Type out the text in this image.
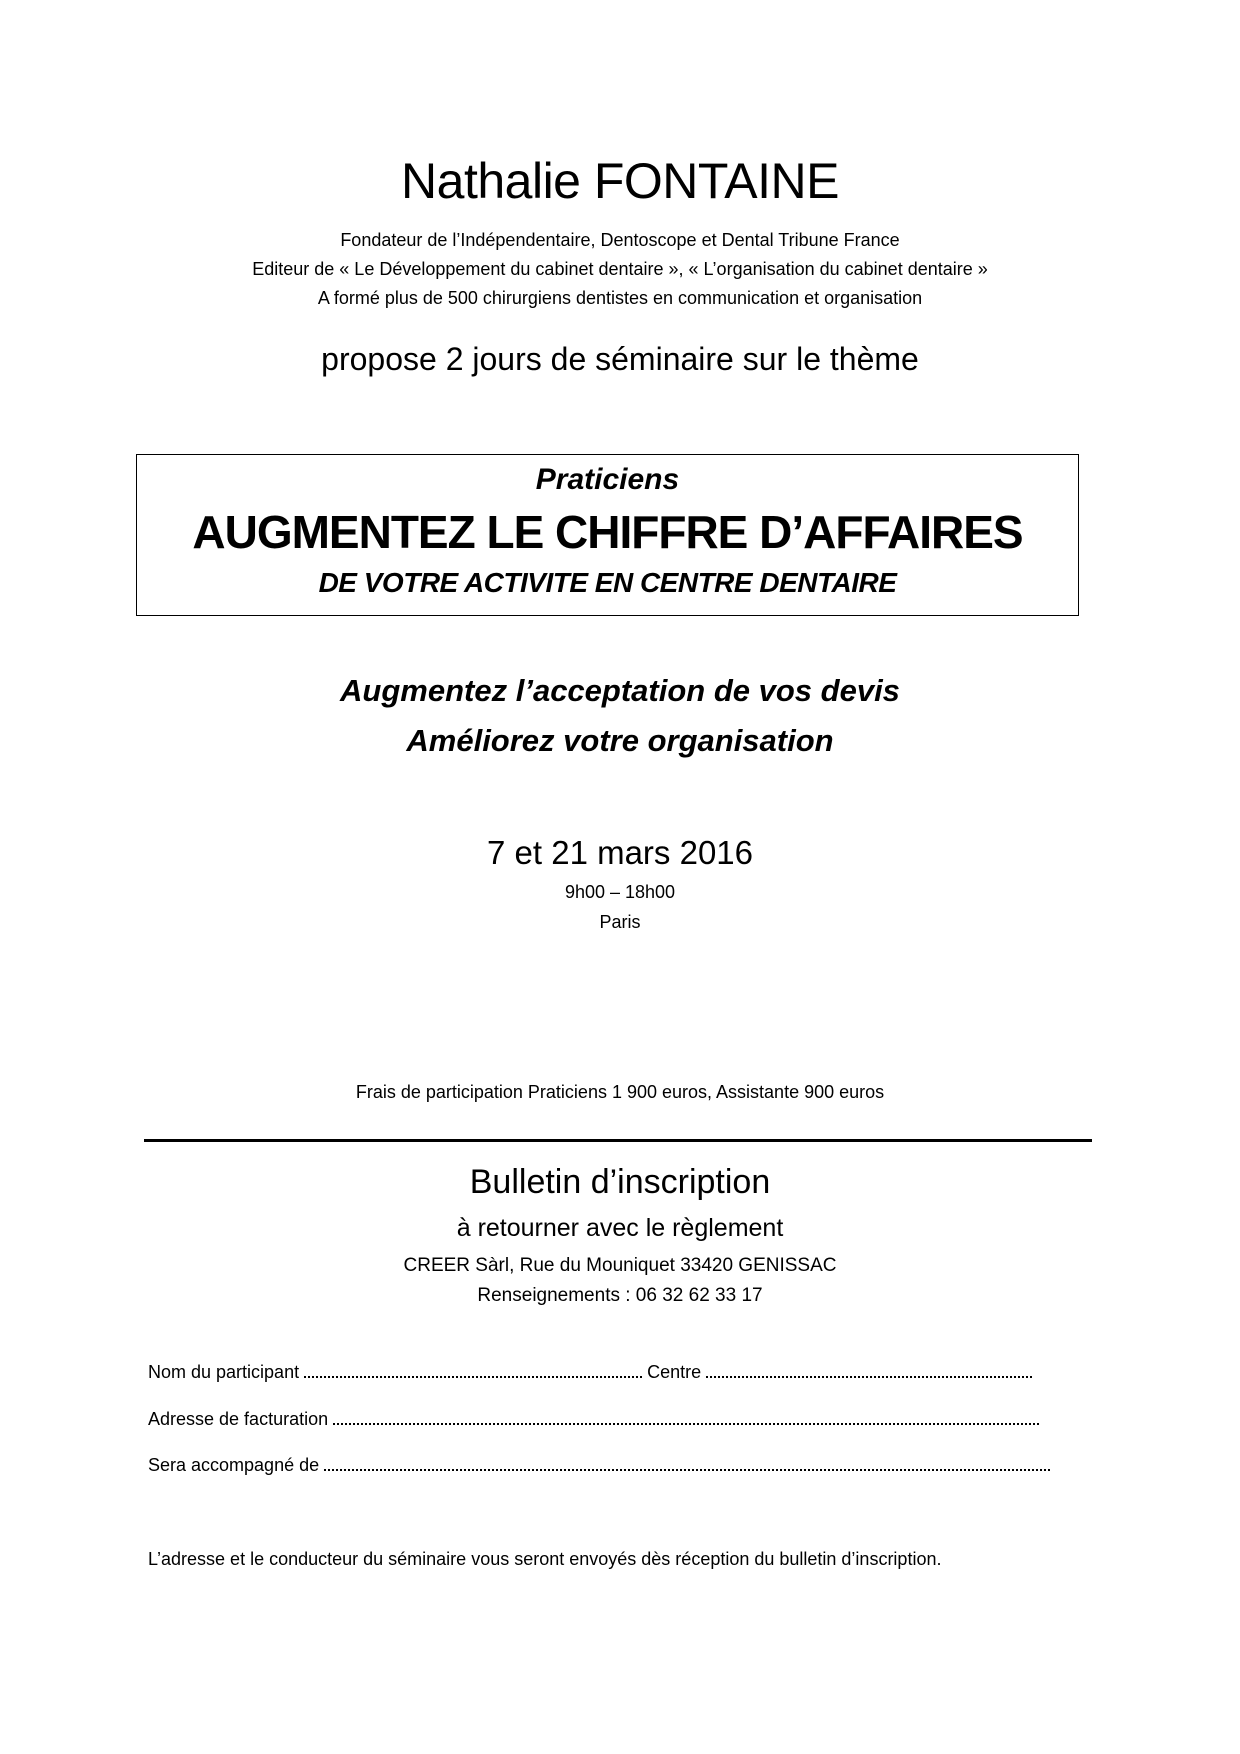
Nathalie FONTAINE
Fondateur de l’Indépendentaire, Dentoscope et Dental Tribune France
Editeur de « Le Développement du cabinet dentaire », « L’organisation du cabinet dentaire »
A formé plus de 500 chirurgiens dentistes en communication et organisation
propose 2 jours de séminaire sur le thème
Praticiens
AUGMENTEZ LE CHIFFRE D’AFFAIRES
DE VOTRE ACTIVITE EN CENTRE DENTAIRE
Augmentez l’acceptation de vos devis
Améliorez votre organisation
7 et 21 mars 2016
9h00 – 18h00
Paris
Frais de participation Praticiens 1 900 euros, Assistante 900 euros
Bulletin d’inscription
à retourner avec le règlement
CREER Sàrl, Rue du Mouniquet 33420 GENISSAC
Renseignements : 06 32 62 33 17
Nom du participant	Centre
Adresse de facturation
Sera accompagné de
L’adresse et le conducteur du séminaire vous seront envoyés dès réception du bulletin d’inscription.
